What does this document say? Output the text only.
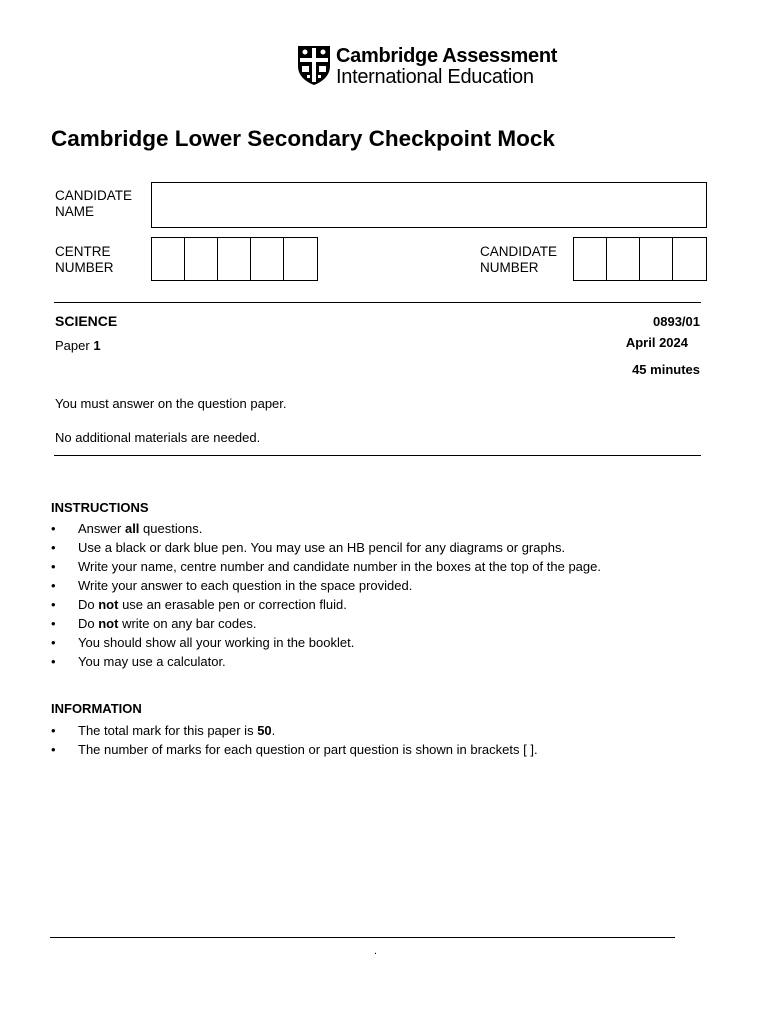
Cambridge Assessment
International Education
Cambridge Lower Secondary Checkpoint Mock
CANDIDATE
NAME
CENTRE
NUMBER
CANDIDATE
NUMBER
SCIENCE	0893/01
Paper 1	April 2024
45 minutes
You must answer on the question paper.
No additional materials are needed.
INSTRUCTIONS
• Answer all questions.
• Use a black or dark blue pen. You may use an HB pencil for any diagrams or graphs.
• Write your name, centre number and candidate number in the boxes at the top of the page.
• Write your answer to each question in the space provided.
• Do not use an erasable pen or correction fluid.
• Do not write on any bar codes.
• You should show all your working in the booklet.
• You may use a calculator.
INFORMATION
• The total mark for this paper is 50.
• The number of marks for each question or part question is shown in brackets [ ].
.
